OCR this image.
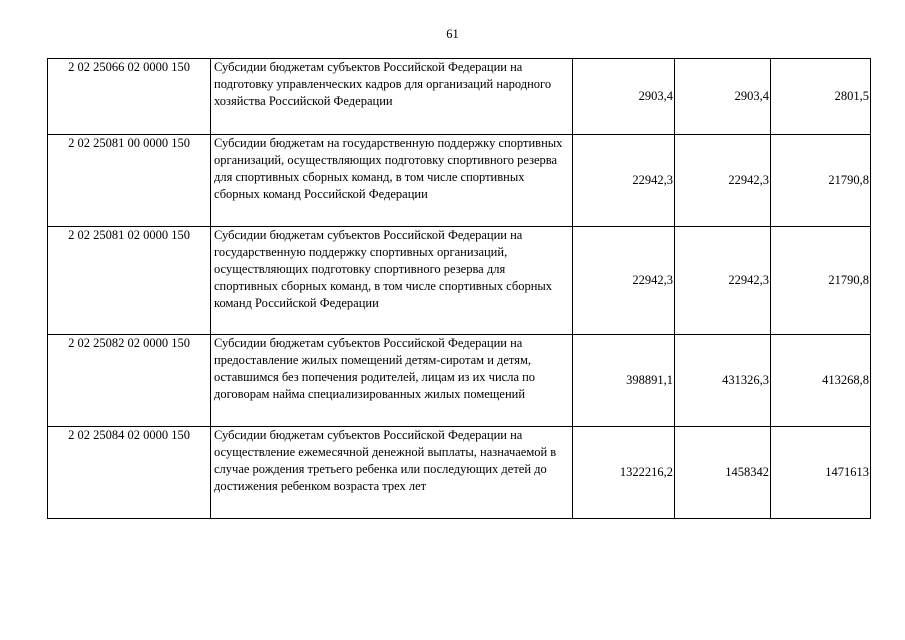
61
2 02 25066 02 0000 150	Субсидии бюджетам субъектов Российской Федерации на подготовку управленческих кадров для организаций народного хозяйства Российской Федерации	2903,4	2903,4	2801,5
2 02 25081 00 0000 150	Субсидии бюджетам на государственную поддержку спортивных организаций, осуществляющих подготовку спортивного резерва для спортивных сборных команд, в том числе спортивных сборных команд Российской Федерации	22942,3	22942,3	21790,8
2 02 25081 02 0000 150	Субсидии бюджетам субъектов Российской Федерации на государственную поддержку спортивных организаций, осуществляющих подготовку спортивного резерва для спортивных сборных команд, в том числе спортивных сборных команд Российской Федерации	22942,3	22942,3	21790,8
2 02 25082 02 0000 150	Субсидии бюджетам субъектов Российской Федерации на предоставление жилых помещений детям-сиротам и детям, оставшимся без попечения родителей, лицам из их числа по договорам найма специализированных жилых помещений	398891,1	431326,3	413268,8
2 02 25084 02 0000 150	Субсидии бюджетам субъектов Российской Федерации на осуществление ежемесячной денежной выплаты, назначаемой в случае рождения третьего ребенка или последующих детей до достижения ребенком возраста трех лет	1322216,2	1458342	1471613
